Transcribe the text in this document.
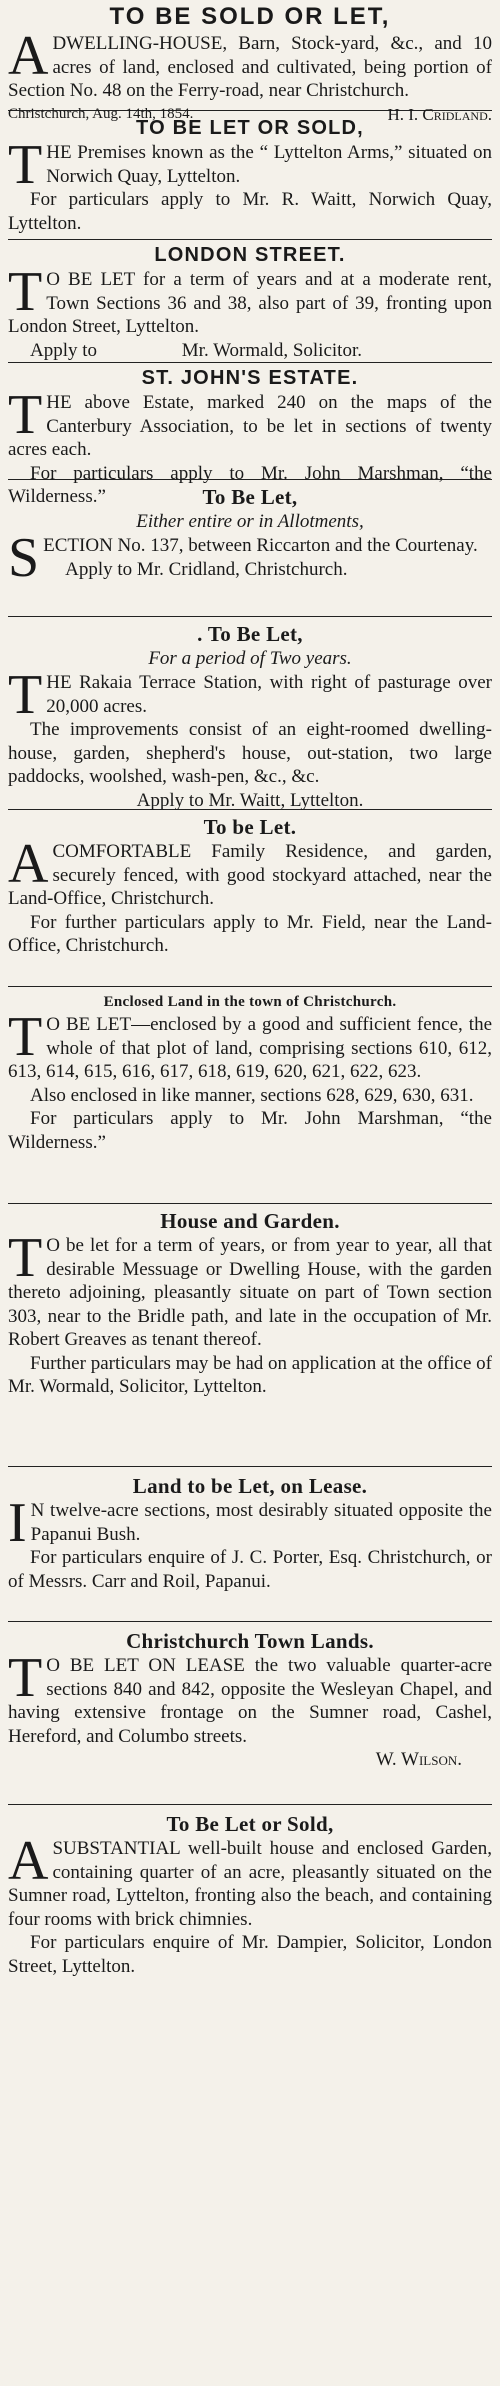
TO BE SOLD OR LET,
A DWELLING-HOUSE, Barn, Stock-yard, &c., and 10 acres of land, enclosed and cultivated, being portion of Section No. 48 on the Ferry-road, near Christchurch.

Christchurch, Aug. 14th, 1854.	H. I. Cridland.

TO BE LET OR SOLD,
T HE Premises known as the “ Lyttelton Arms,” situated on Norwich Quay, Lyttelton.

For particulars apply to Mr. R. Waitt, Norwich Quay, Lyttelton.

LONDON STREET.
T O BE LET for a term of years and at a moderate rent, Town Sections 36 and 38, also part of 39, fronting upon London Street, Lyttelton.

Apply to	Mr. Wormald, Solicitor.

ST. JOHN'S ESTATE.
T HE above Estate, marked 240 on the maps of the Canterbury Association, to be let in sections of twenty acres each.

For particulars apply to Mr. John Marshman, “the Wilderness.”	To Be Let,
Either entire or in Allotments,
S ECTION No. 137, between Riccarton and the Courtenay.

Apply to Mr. Cridland, Christchurch.

. To Be Let,
For a period of Two years.
T HE Rakaia Terrace Station, with right of pasturage over 20,000 acres.

The improvements consist of an eight-roomed dwelling-house, garden, shepherd's house, out-station, two large paddocks, woolshed, wash-pen, &c., &c.

Apply to Mr. Waitt, Lyttelton.

To be Let.
A COMFORTABLE Family Residence, and garden, securely fenced, with good stockyard attached, near the Land-Office, Christchurch.

For further particulars apply to Mr. Field, near the Land-Office, Christchurch.

Enclosed Land in the town of Christchurch.
T O BE LET—enclosed by a good and sufficient fence, the whole of that plot of land, comprising sections 610, 612, 613, 614, 615, 616, 617, 618, 619, 620, 621, 622, 623.

Also enclosed in like manner, sections 628, 629, 630, 631.

For particulars apply to Mr. John Marshman, “the Wilderness.”

House and Garden.
T O be let for a term of years, or from year to year, all that desirable Messuage or Dwelling House, with the garden thereto adjoining, pleasantly situate on part of Town section 303, near to the Bridle path, and late in the occupation of Mr. Robert Greaves as tenant thereof.

Further particulars may be had on application at the office of Mr. Wormald, Solicitor, Lyttelton.

Land to be Let, on Lease.
I N twelve-acre sections, most desirably situated opposite the Papanui Bush.

For particulars enquire of J. C. Porter, Esq. Christchurch, or of Messrs. Carr and Roil, Papanui.

Christchurch Town Lands.
T O BE LET ON LEASE the two valuable quarter-acre sections 840 and 842, opposite the Wesleyan Chapel, and having extensive frontage on the Sumner road, Cashel, Hereford, and Columbo streets.

W. Wilson.

To Be Let or Sold,
A SUBSTANTIAL well-built house and enclosed Garden, containing quarter of an acre, pleasantly situated on the Sumner road, Lyttelton, fronting also the beach, and containing four rooms with brick chimnies.

For particulars enquire of Mr. Dampier, Solicitor, London Street, Lyttelton.
